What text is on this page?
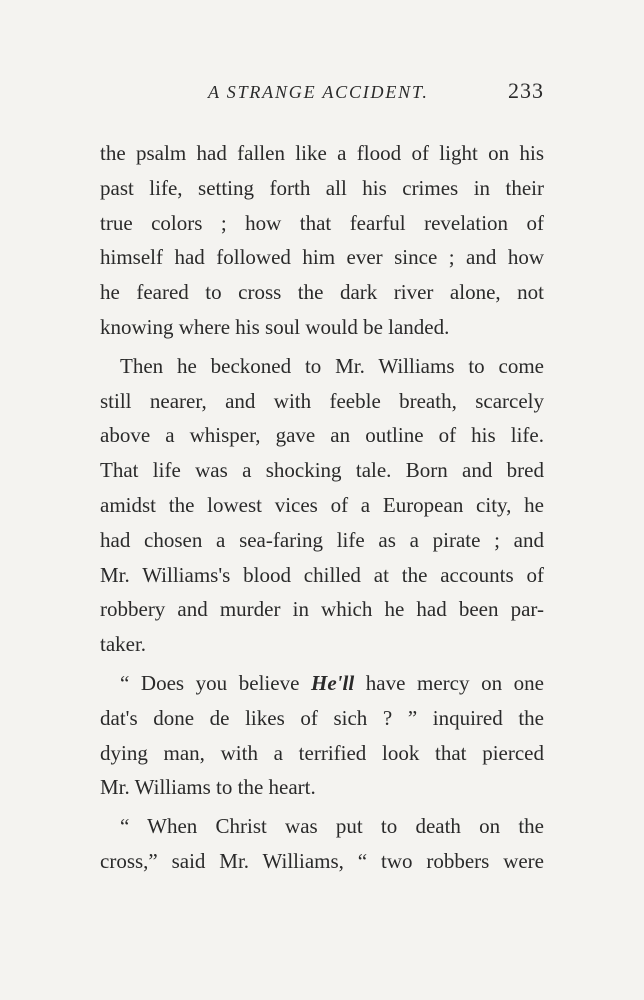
A STRANGE ACCIDENT.	233
the psalm had fallen like a flood of light on his
past life, setting forth all his crimes in their
true colors ; how that fearful revelation of
himself had followed him ever since ; and how
he feared to cross the dark river alone, not
knowing where his soul would be landed.
Then he beckoned to Mr. Williams to come
still nearer, and with feeble breath, scarcely
above a whisper, gave an outline of his life.
That life was a shocking tale. Born and bred
amidst the lowest vices of a European city, he
had chosen a sea-faring life as a pirate ; and
Mr. Williams's blood chilled at the accounts of
robbery and murder in which he had been par-
taker.
“ Does you believe He'll have mercy on one
dat's done de likes of sich ? ” inquired the
dying man, with a terrified look that pierced
Mr. Williams to the heart.
“ When Christ was put to death on the
cross,” said Mr. Williams, “ two robbers were
